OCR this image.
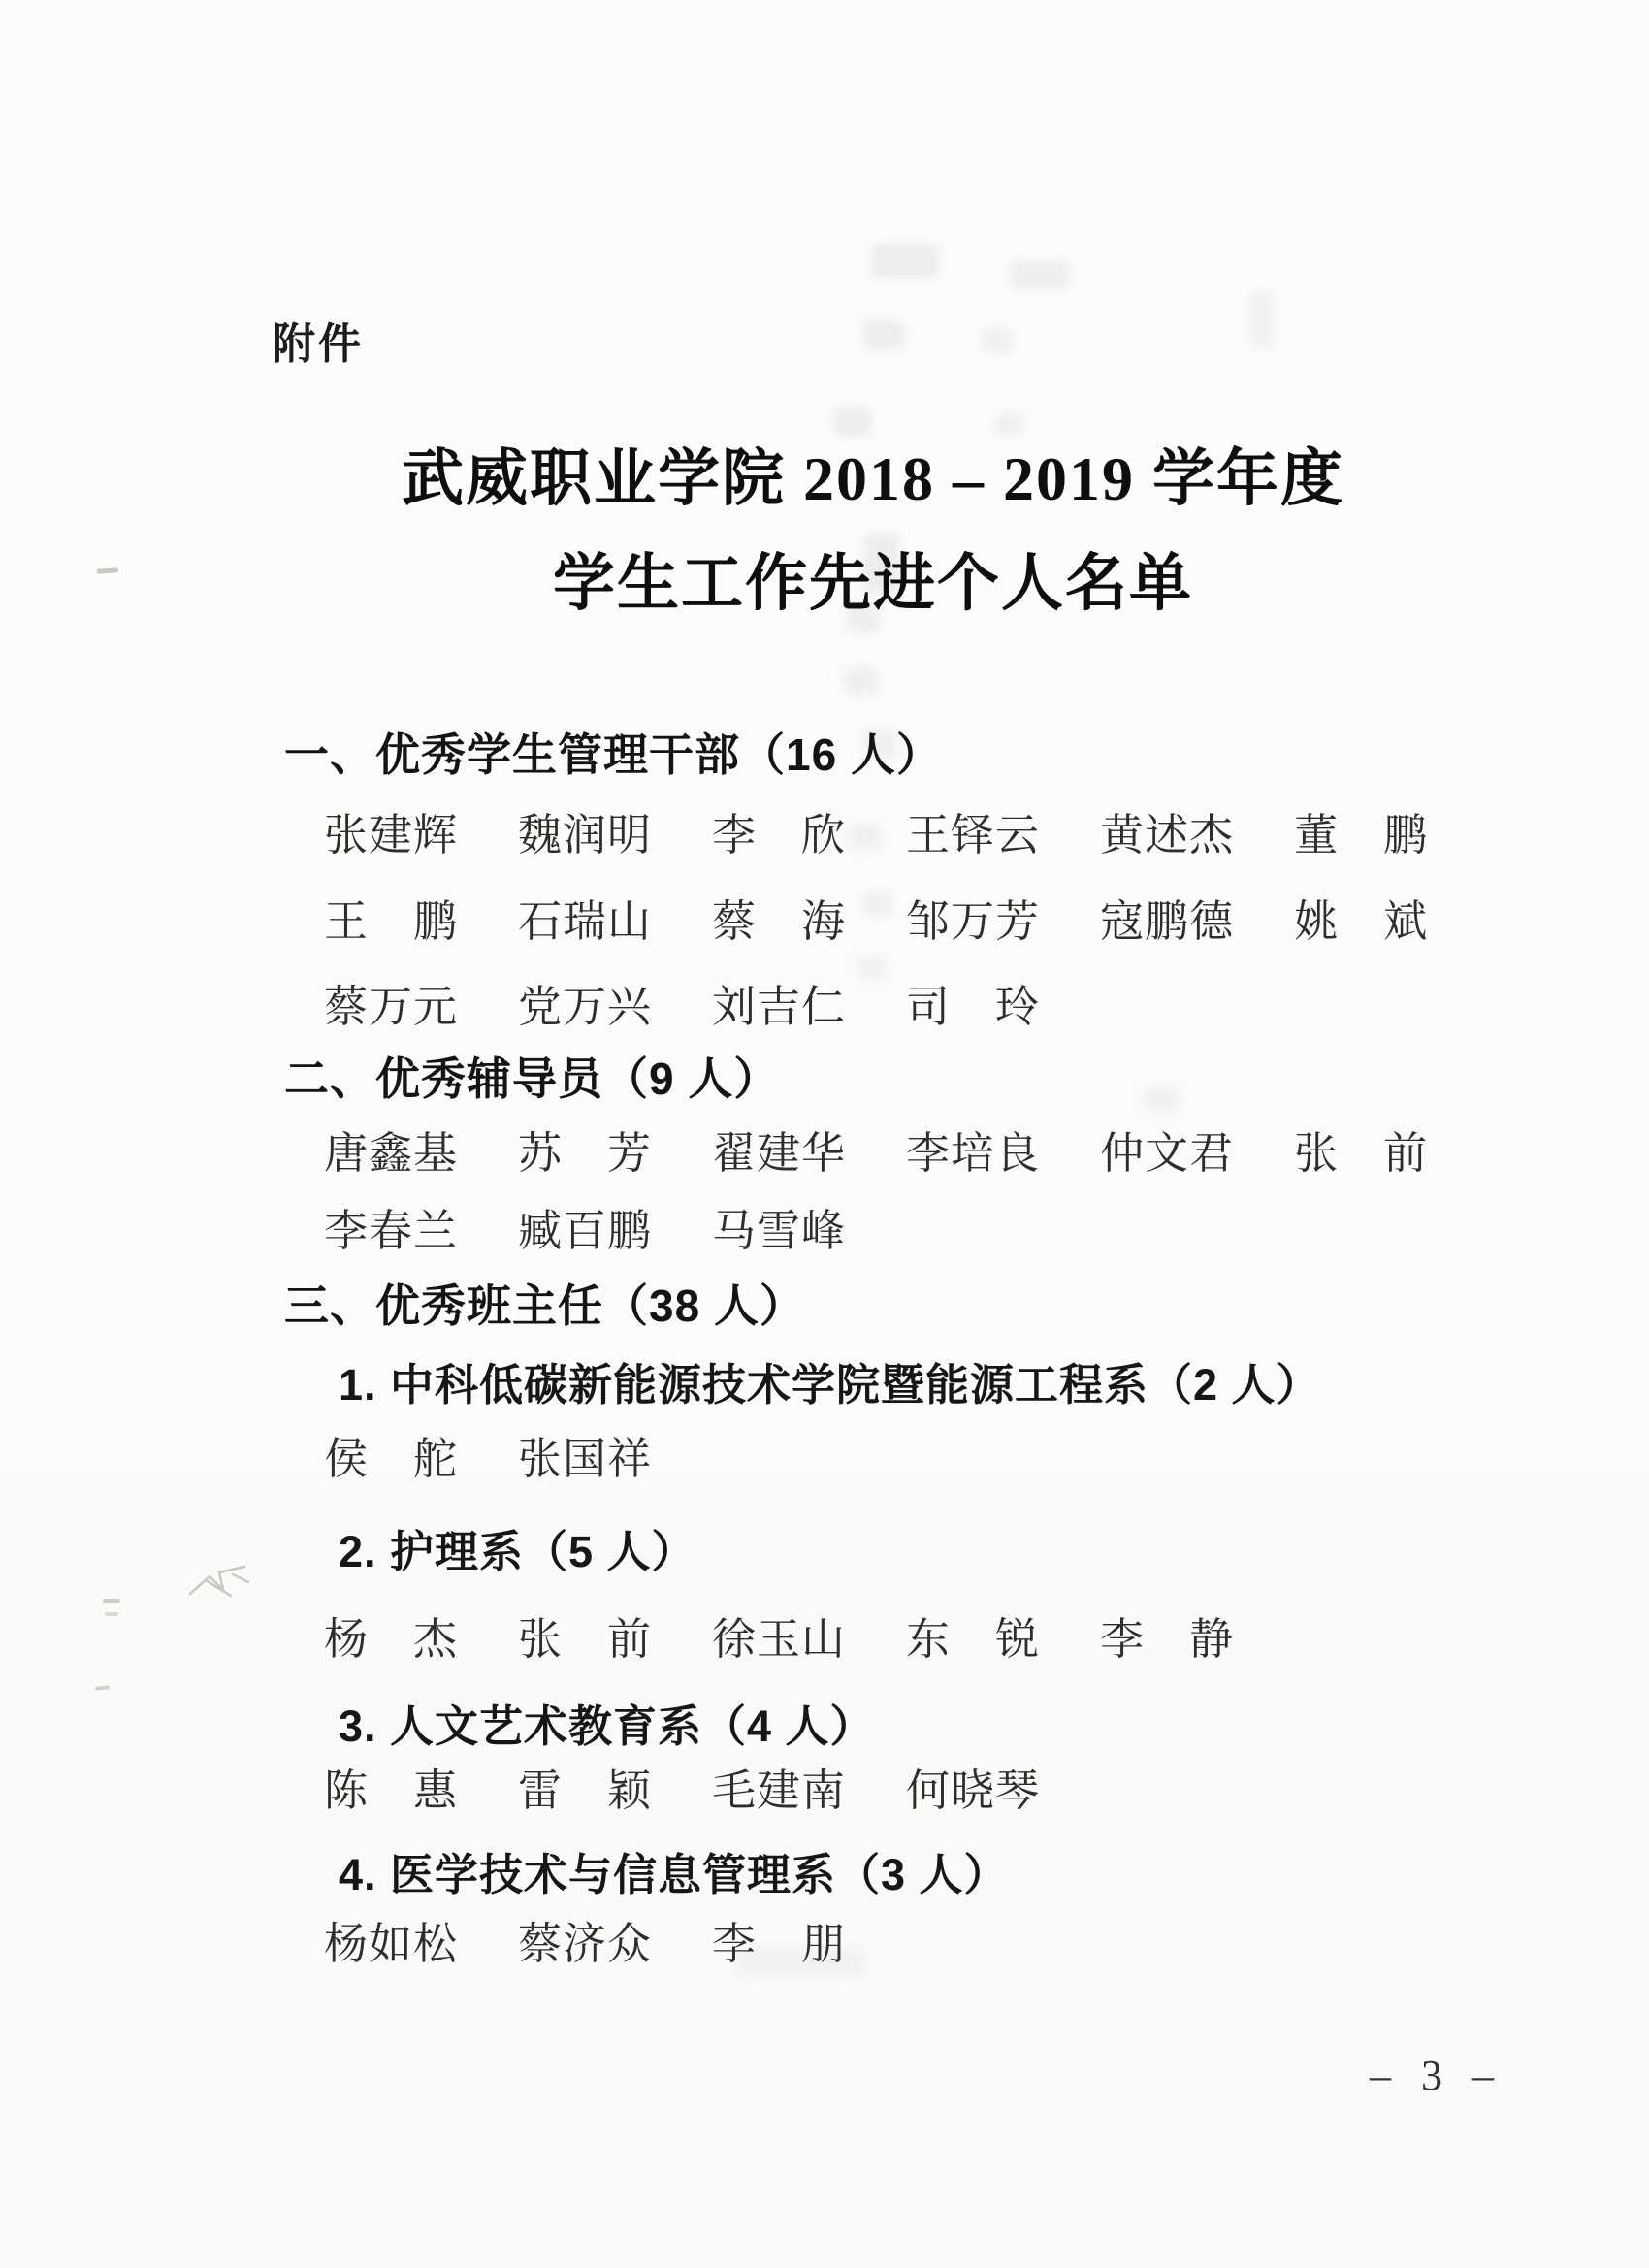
附件
武威职业学院 2018 – 2019 学年度
学生工作先进个人名单
一、优秀学生管理干部（16 人）
张建辉 魏润明 李　欣 王铎云 黄述杰 董　鹏
王　鹏 石瑞山 蔡　海 邹万芳 寇鹏德 姚　斌
蔡万元 党万兴 刘吉仁 司　玲
二、优秀辅导员（9 人）
唐鑫基 苏　芳 翟建华 李培良 仲文君 张　前
李春兰 臧百鹏 马雪峰
三、优秀班主任（38 人）
1. 中科低碳新能源技术学院暨能源工程系（2 人）
侯　舵 张国祥
2. 护理系（5 人）
杨　杰 张　前 徐玉山 东　锐 李　静
3. 人文艺术教育系（4 人）
陈　惠 雷　颖 毛建南 何晓琴
4. 医学技术与信息管理系（3 人）
杨如松 蔡济众 李　朋
– 3 –
